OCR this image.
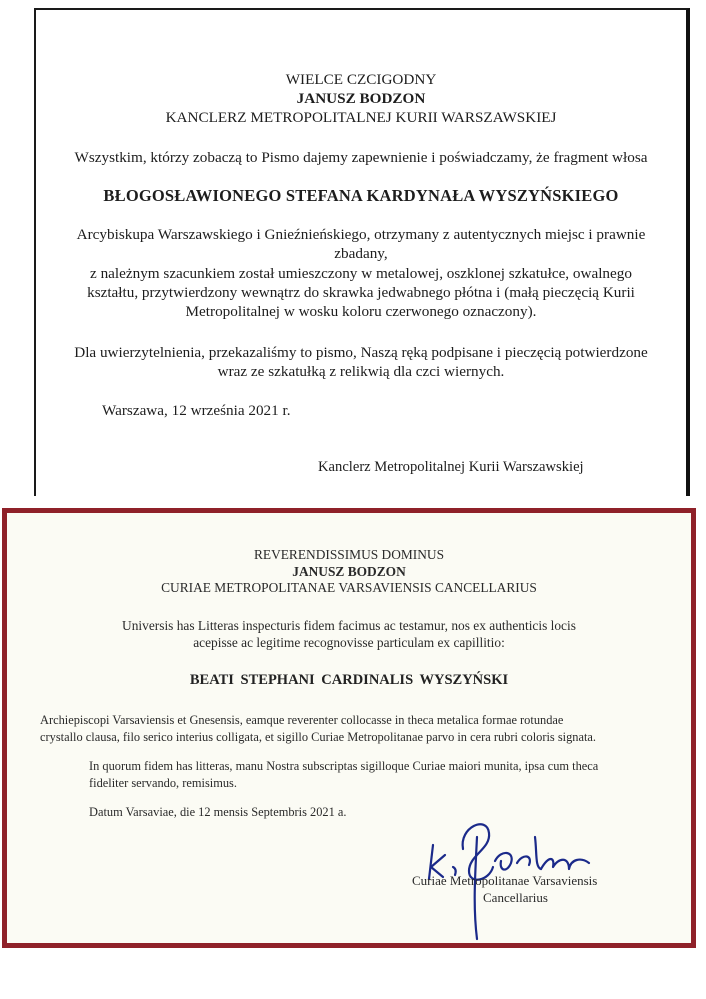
WIELCE CZCIGODNY
JANUSZ BODZON
KANCLERZ METROPOLITALNEJ KURII WARSZAWSKIEJ
Wszystkim, którzy zobaczą to Pismo dajemy zapewnienie i poświadczamy, że fragment włosa
BŁOGOSŁAWIONEGO STEFANA KARDYNAŁA WYSZYŃSKIEGO
Arcybiskupa Warszawskiego i Gnieźnieńskiego, otrzymany z autentycznych miejsc i prawnie
zbadany,
z należnym szacunkiem został umieszczony w metalowej, oszklonej szkatułce, owalnego
kształtu, przytwierdzony wewnątrz do skrawka jedwabnego płótna i (małą pieczęcią Kurii
Metropolitalnej w wosku koloru czerwonego oznaczony).
Dla uwierzytelnienia, przekazaliśmy to pismo, Naszą ręką podpisane i pieczęcią potwierdzone
wraz ze szkatułką z relikwią dla czci wiernych.
Warszawa, 12 września 2021 r.
Kanclerz Metropolitalnej Kurii Warszawskiej
REVERENDISSIMUS DOMINUS
JANUSZ BODZON
CURIAE METROPOLITANAE VARSAVIENSIS CANCELLARIUS
Universis has Litteras inspecturis fidem facimus ac testamur, nos ex authenticis locis
acepisse ac legitime recognovisse particulam ex capillitio:
BEATI STEPHANI CARDINALIS WYSZYŃSKI
Archiepiscopi Varsaviensis et Gnesensis, eamque reverenter collocasse in theca metalica formae rotundae
crystallo clausa, filo serico interius colligata, et sigillo Curiae Metropolitanae parvo in cera rubri coloris signata.
In quorum fidem has litteras, manu Nostra subscriptas sigilloque Curiae maiori munita, ipsa cum theca
fideliter servando, remisimus.
Datum Varsaviae, die 12 mensis Septembris 2021 a.
Curiae Metropolitanae Varsaviensis
Cancellarius
